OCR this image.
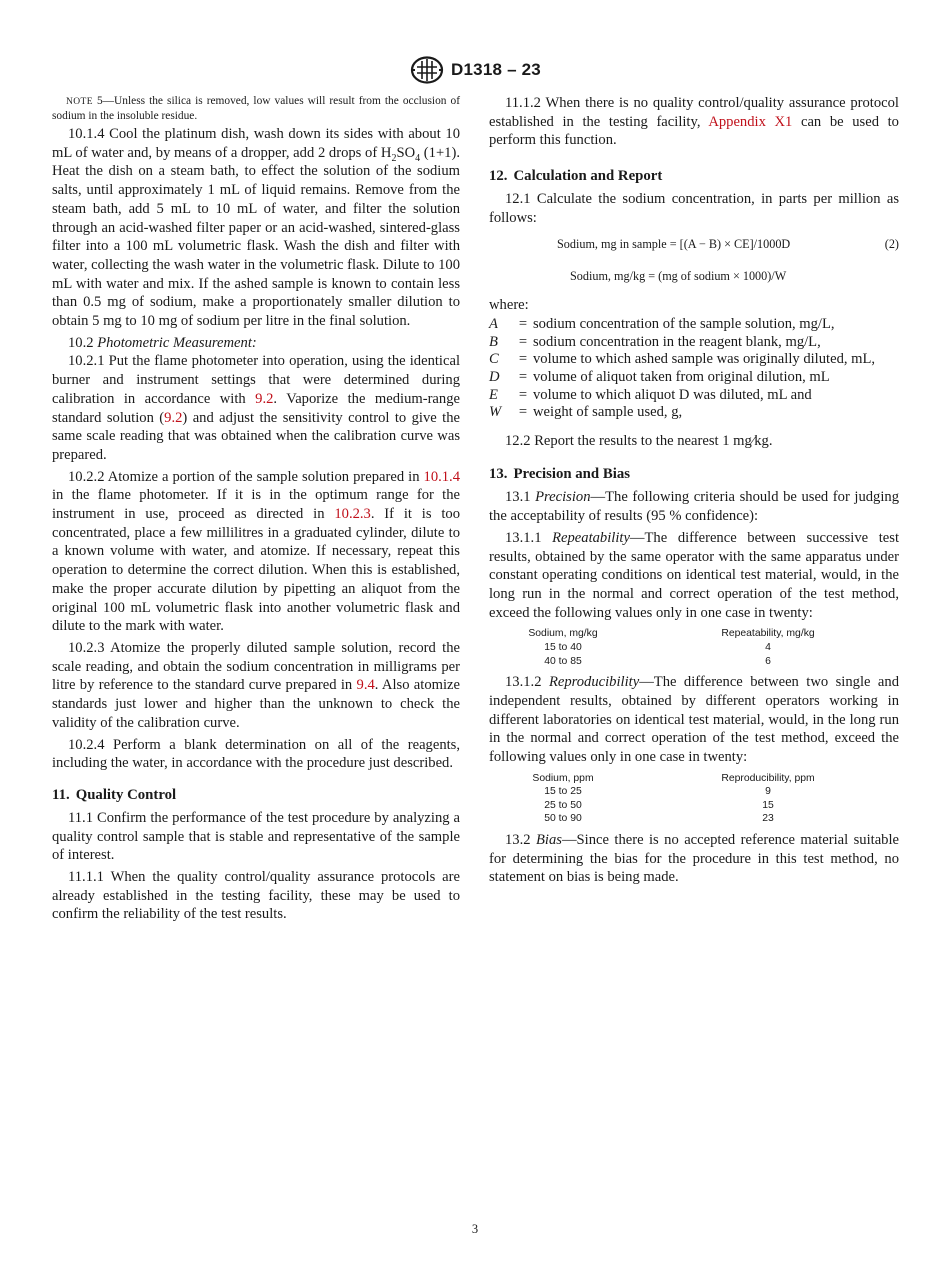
D1318 – 23

NOTE 5—Unless the silica is removed, low values will result from the occlusion of sodium in the insoluble residue.

10.1.4 Cool the platinum dish, wash down its sides with about 10 mL of water and, by means of a dropper, add 2 drops of $H_2SO_4$ (1+1). Heat the dish on a steam bath, to effect the solution of the sodium salts, until approximately 1 mL of liquid remains. Remove from the steam bath, add 5 mL to 10 mL of water, and filter the solution through an acid-washed filter paper or an acid-washed, sintered-glass filter into a 100 mL volumetric flask. Wash the dish and filter with water, collecting the wash water in the volumetric flask. Dilute to 100 mL with water and mix. If the ashed sample is known to contain less than 0.5 mg of sodium, make a proportionately smaller dilution to obtain 5 mg to 10 mg of sodium per litre in the final solution.

10.2 Photometric Measurement:

10.2.1 Put the flame photometer into operation, using the identical burner and instrument settings that were determined during calibration in accordance with 9.2. Vaporize the medium-range standard solution (9.2) and adjust the sensitivity control to give the same scale reading that was obtained when the calibration curve was prepared.

10.2.2 Atomize a portion of the sample solution prepared in 10.1.4 in the flame photometer. If it is in the optimum range for the instrument in use, proceed as directed in 10.2.3. If it is too concentrated, place a few millilitres in a graduated cylinder, dilute to a known volume with water, and atomize. If necessary, repeat this operation to determine the correct dilution. When this is established, make the proper accurate dilution by pipetting an aliquot from the original 100 mL volumetric flask into another volumetric flask and dilute to the mark with water.

10.2.3 Atomize the properly diluted sample solution, record the scale reading, and obtain the sodium concentration in milligrams per litre by reference to the standard curve prepared in 9.4. Also atomize standards just lower and higher than the unknown to check the validity of the calibration curve.

10.2.4 Perform a blank determination on all of the reagents, including the water, in accordance with the procedure just described.

11. Quality Control

11.1 Confirm the performance of the test procedure by analyzing a quality control sample that is stable and representative of the sample of interest.

11.1.1 When the quality control/quality assurance protocols are already established in the testing facility, these may be used to confirm the reliability of the test results.

11.1.2 When there is no quality control/quality assurance protocol established in the testing facility, Appendix X1 can be used to perform this function.

12. Calculation and Report

12.1 Calculate the sodium concentration, in parts per million as follows:

Sodium, mg in sample = [(A − B) × CE]/1000D	(2)
Sodium, mg/kg = (mg of sodium × 1000)/W

where:

A	=	sodium concentration of the sample solution, mg/L,
B	=	sodium concentration in the reagent blank, mg/L,
C	=	volume to which ashed sample was originally diluted, mL,
D	=	volume of aliquot taken from original dilution, mL
E	=	volume to which aliquot D was diluted, mL and
W	=	weight of sample used, g,

12.2 Report the results to the nearest 1 mg⁄kg.

13. Precision and Bias

13.1 Precision—The following criteria should be used for judging the acceptability of results (95 % confidence):

13.1.1 Repeatability—The difference between successive test results, obtained by the same operator with the same apparatus under constant operating conditions on identical test material, would, in the long run in the normal and correct operation of the test method, exceed the following values only in one case in twenty:

Sodium, mg/kg	Repeatability, mg/kg
15 to 40	4
40 to 85	6

13.1.2 Reproducibility—The difference between two single and independent results, obtained by different operators working in different laboratories on identical test material, would, in the long run in the normal and correct operation of the test method, exceed the following values only in one case in twenty:

Sodium, ppm	Reproducibility, ppm
15 to 25	9
25 to 50	15
50 to 90	23

13.2 Bias—Since there is no accepted reference material suitable for determining the bias for the procedure in this test method, no statement on bias is being made.

3
